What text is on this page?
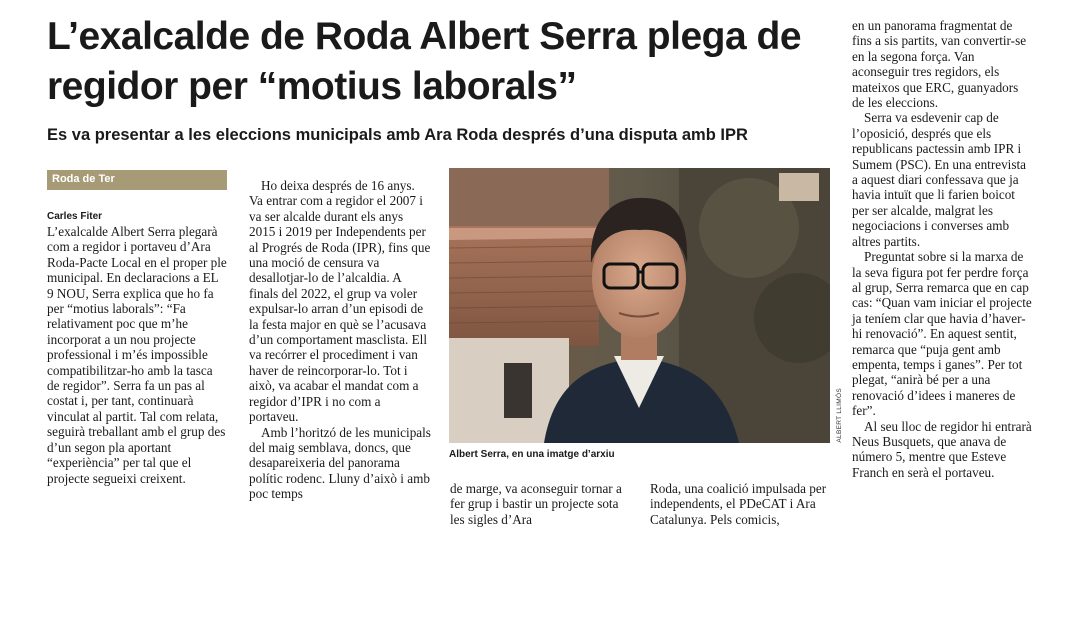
L’exalcalde de Roda Albert Serra plega de regidor per “motius laborals”
Es va presentar a les eleccions municipals amb Ara Roda després d’una disputa amb IPR
Roda de Ter
Carles Fiter

L’exalcalde Albert Serra plegarà com a regidor i portaveu d’Ara Roda-Pacte Local en el proper ple municipal. En declaracions a EL 9 NOU, Serra explica que ho fa per “motius laborals”: “Fa relativament poc que m’he incorporat a un nou projecte professional i m’és impossible compatibilitzar-ho amb la tasca de regidor”. Serra fa un pas al costat i, per tant, continuarà vinculat al partit. Tal com relata, seguirà treballant amb el grup des d’un segon pla aportant “experiència” per tal que el projecte segueixi creixent.

Ho deixa després de 16 anys. Va entrar com a regidor el 2007 i va ser alcalde durant els anys 2015 i 2019 per Independents per al Progrés de Roda (IPR), fins que una moció de censura va desallotjar-lo de l’alcaldia. A finals del 2022, el grup va voler expulsar-lo arran d’un episodi de la festa major en què se l’acusava d’un comportament masclista. Ell va recórrer el procediment i van haver de reincorporar-lo. Tot i això, va acabar el mandat com a regidor d’IPR i no com a portaveu.

Amb l’horitzó de les municipals del maig semblava, doncs, que desapareixeria del panorama polític rodenc. Lluny d’això i amb poc temps

ALBERT LLIMÓS
Albert Serra, en una imatge d’arxiu

de marge, va aconseguir tornar a fer grup i bastir un projecte sota les sigles d’Ara

Roda, una coalició impulsada per independents, el PDeCAT i Ara Catalunya. Pels comicis,

en un panorama fragmentat de fins a sis partits, van convertir-se en la segona força. Van aconseguir tres regidors, els mateixos que ERC, guanyadors de les eleccions.

Serra va esdevenir cap de l’oposició, després que els republicans pactessin amb IPR i Sumem (PSC). En una entrevista a aquest diari confessava que ja havia intuït que li farien boicot per ser alcalde, malgrat les negociacions i converses amb altres partits.

Preguntat sobre si la marxa de la seva figura pot fer perdre força al grup, Serra remarca que en cap cas: “Quan vam iniciar el projecte ja teníem clar que havia d’haver-hi renovació”. En aquest sentit, remarca que “puja gent amb empenta, temps i ganes”. Per tot plegat, “anirà bé per a una renovació d’idees i maneres de fer”.

Al seu lloc de regidor hi entrarà Neus Busquets, que anava de número 5, mentre que Esteve Franch en serà el portaveu.
